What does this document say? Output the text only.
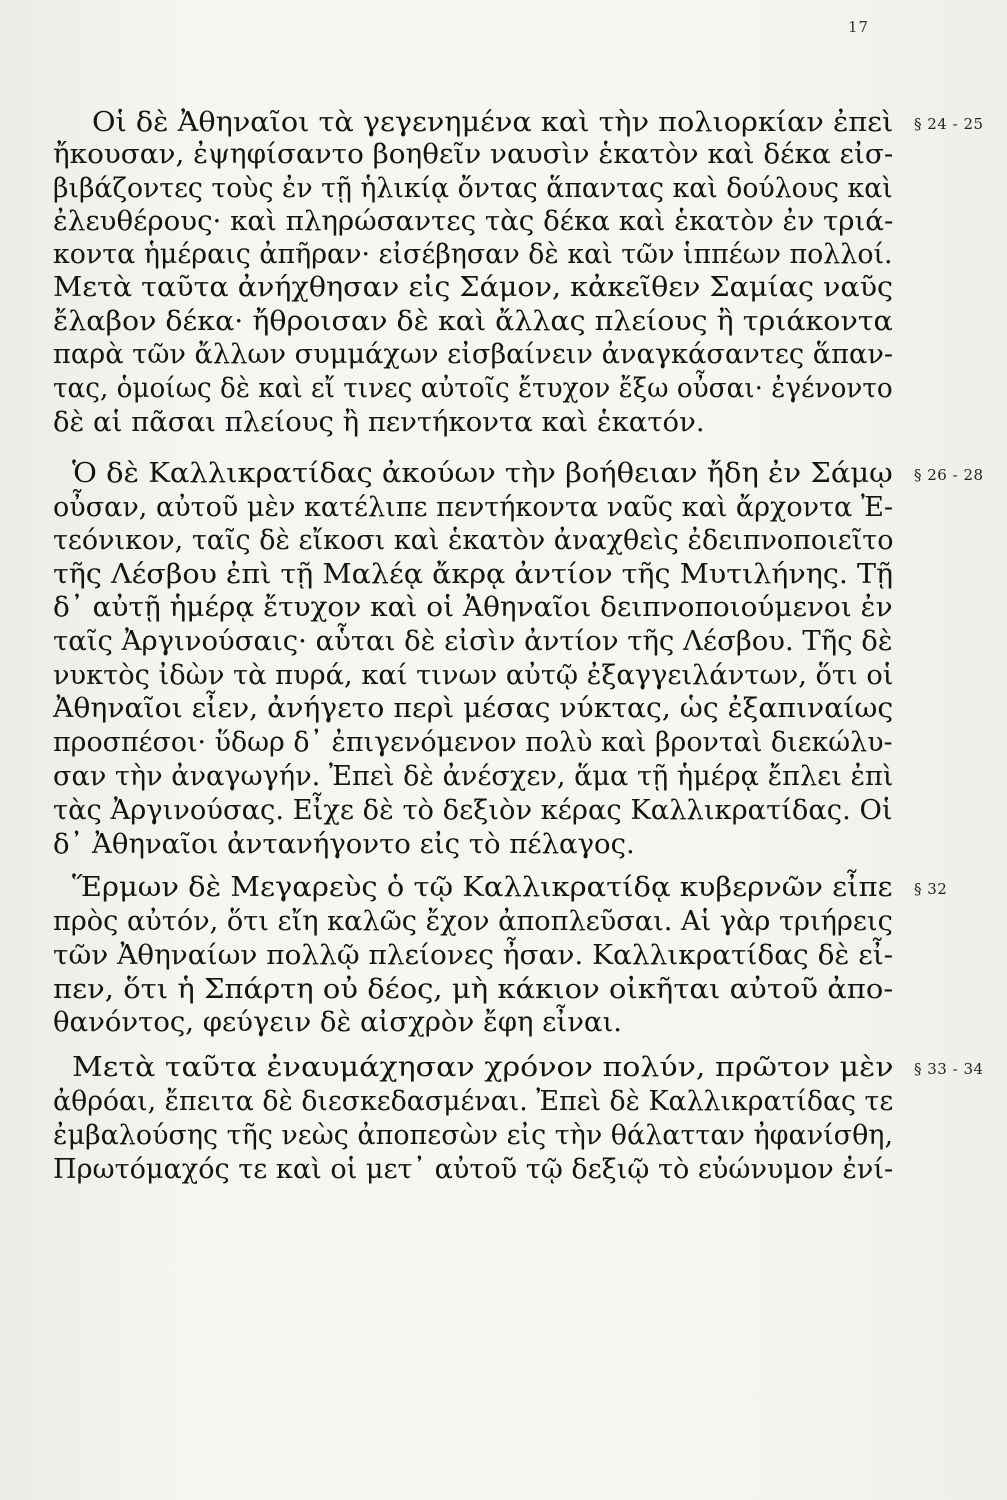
17
Οἱ δὲ Ἀθηναῖοι τὰ γεγενημένα καὶ τὴν πολιορκίαν ἐπεὶ
ἤκουσαν, ἐψηφίσαντο βοηθεῖν ναυσὶν ἑκατὸν καὶ δέκα εἰσ-
βιβάζοντες τοὺς ἐν τῇ ἡλικίᾳ ὄντας ἅπαντας καὶ δούλους καὶ
ἐλευθέρους· καὶ πληρώσαντες τὰς δέκα καὶ ἑκατὸν ἐν τριά-
κοντα ἡμέραις ἀπῆραν· εἰσέβησαν δὲ καὶ τῶν ἱππέων πολλοί.
Μετὰ ταῦτα ἀνήχθησαν εἰς Σάμον, κἀκεῖθεν Σαμίας ναῦς
ἔλαβον δέκα· ἤθροισαν δὲ καὶ ἄλλας πλείους ἢ τριάκοντα
παρὰ τῶν ἄλλων συμμάχων εἰσβαίνειν ἀναγκάσαντες ἅπαν-
τας, ὁμοίως δὲ καὶ εἴ τινες αὐτοῖς ἔτυχον ἔξω οὖσαι· ἐγένοντο
δὲ αἱ πᾶσαι πλείους ἢ πεντήκοντα καὶ ἑκατόν.
§ 24 - 25
Ὁ δὲ Καλλικρατίδας ἀκούων τὴν βοήθειαν ἤδη ἐν Σάμῳ
οὖσαν, αὐτοῦ μὲν κατέλιπε πεντήκοντα ναῦς καὶ ἄρχοντα Ἐ-
τεόνικον, ταῖς δὲ εἴκοσι καὶ ἑκατὸν ἀναχθεὶς ἐδειπνοποιεῖτο
τῆς Λέσβου ἐπὶ τῇ Μαλέᾳ ἄκρᾳ ἀντίον τῆς Μυτιλήνης. Τῇ
δ᾽ αὐτῇ ἡμέρᾳ ἔτυχον καὶ οἱ Ἀθηναῖοι δειπνοποιούμενοι ἐν
ταῖς Ἀργινούσαις· αὗται δὲ εἰσὶν ἀντίον τῆς Λέσβου. Τῆς δὲ
νυκτὸς ἰδὼν τὰ πυρά, καί τινων αὐτῷ ἐξαγγειλάντων, ὅτι οἱ
Ἀθηναῖοι εἶεν, ἀνήγετο περὶ μέσας νύκτας, ὡς ἐξαπιναίως
προσπέσοι· ὕδωρ δ᾽ ἐπιγενόμενον πολὺ καὶ βρονταὶ διεκώλυ-
σαν τὴν ἀναγωγήν. Ἐπεὶ δὲ ἀνέσχεν, ἅμα τῇ ἡμέρᾳ ἔπλει ἐπὶ
τὰς Ἀργινούσας. Εἶχε δὲ τὸ δεξιὸν κέρας Καλλικρατίδας. Οἱ
δ᾽ Ἀθηναῖοι ἀντανήγοντο εἰς τὸ πέλαγος.
§ 26 - 28
Ἕρμων δὲ Μεγαρεὺς ὁ τῷ Καλλικρατίδᾳ κυβερνῶν εἶπε
πρὸς αὐτόν, ὅτι εἴη καλῶς ἔχον ἀποπλεῦσαι. Αἱ γὰρ τριήρεις
τῶν Ἀθηναίων πολλῷ πλείονες ἦσαν. Καλλικρατίδας δὲ εἶ-
πεν, ὅτι ἡ Σπάρτη οὐ δέος, μὴ κάκιον οἰκῆται αὐτοῦ ἀπο-
θανόντος, φεύγειν δὲ αἰσχρὸν ἔφη εἶναι.
§ 32
Μετὰ ταῦτα ἐναυμάχησαν χρόνον πολύν, πρῶτον μὲν
ἀθρόαι, ἔπειτα δὲ διεσκεδασμέναι. Ἐπεὶ δὲ Καλλικρατίδας τε
ἐμβαλούσης τῆς νεὼς ἀποπεσὼν εἰς τὴν θάλατταν ἠφανίσθη,
Πρωτόμαχός τε καὶ οἱ μετ᾽ αὐτοῦ τῷ δεξιῷ τὸ εὐώνυμον ἐνί-
§ 33 - 34
